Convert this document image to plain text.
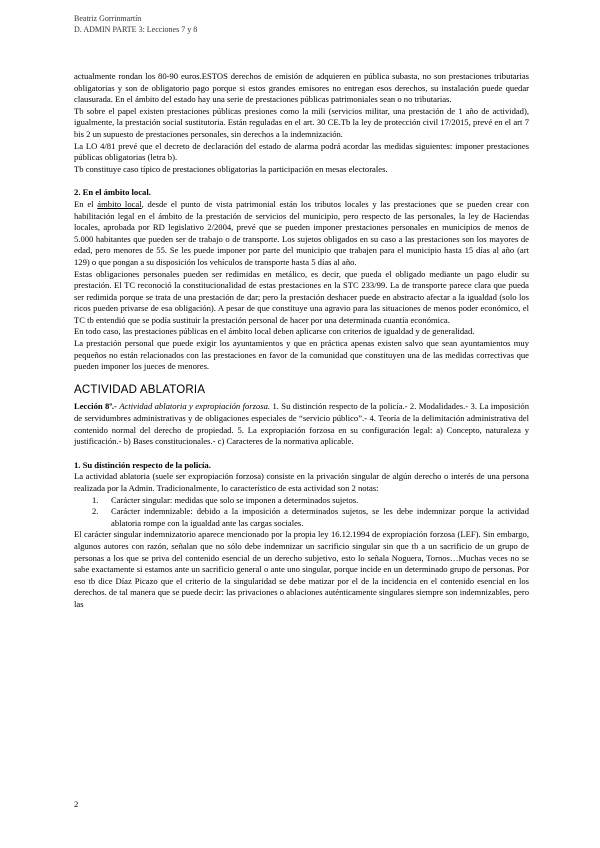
Beatriz Gorrinmartín
D. ADMIN PARTE 3: Lecciones 7 y 8

actualmente rondan los 80-90 euros.ESTOS derechos de emisión de adquieren en pública subasta, no son prestaciones tributarias obligatorias y son de obligatorio pago porque si estos grandes emisores no entregan esos derechos, su instalación puede quedar clausurada. En el ámbito del estado hay una serie de prestaciones públicas patrimoniales sean o no tributarias.

Tb sobre el papel existen prestaciones públicas presiones como la mili (servicios militar, una prestación de 1 año de actividad), igualmente, la prestación social sustitutoria. Están reguladas en el art. 30 CE.Tb la ley de protección civil 17/2015, prevé en el art 7 bis 2 un supuesto de prestaciones personales, sin derechos a la indemnización.

La LO 4/81 prevé que el decreto de declaración del estado de alarma podrá acordar las medidas siguientes: imponer prestaciones públicas obligatorias (letra b).

Tb constituye caso típico de prestaciones obligatorias la participación en mesas electorales.

2. En el ámbito local.

En el ámbito local, desde el punto de vista patrimonial están los tributos locales y las prestaciones que se pueden crear con habilitación legal en el ámbito de la prestación de servicios del municipio, pero respecto de las personales, la ley de Haciendas locales, aprobada por RD legislativo 2/2004, prevé que se pueden imponer prestaciones personales en municipios de menos de 5.000 habitantes que pueden ser de trabajo o de transporte. Los sujetos obligados en su caso a las prestaciones son los mayores de edad, pero menores de 55. Se les puede imponer por parte del municipio que trabajen para el municipio hasta 15 días al año (art 129) o que pongan a su disposición los vehículos de transporte hasta 5 días al año.

Estas obligaciones personales pueden ser redimidas en metálico, es decir, que pueda el obligado mediante un pago eludir su prestación. El TC reconoció la constitucionalidad de estas prestaciones en la STC 233/99. La de transporte parece clara que pueda ser redimida porque se trata de una prestación de dar; pero la prestación deshacer puede en abstracto afectar a la igualdad (solo los ricos pueden privarse de esa obligación). A pesar de que constituye una agravio para las situaciones de menos poder económico, el TC tb entendió que se podía sustituir la prestación personal de hacer por una determinada cuantía económica.

En todo caso, las prestaciones públicas en el ámbito local deben aplicarse con criterios de igualdad y de generalidad.

La prestación personal que puede exigir los ayuntamientos y que en práctica apenas existen salvo que sean ayuntamientos muy pequeños no están relacionados con las prestaciones en favor de la comunidad que constituyen una de las medidas correctivas que pueden imponer los jueces de menores.

ACTIVIDAD ABLATORIA

Lección 8ª.- Actividad ablatoria y expropiación forzosa. 1. Su distinción respecto de la policía.- 2. Modalidades.- 3. La imposición de servidumbres administrativas y de obligaciones especiales de “servicio público”.- 4. Teoría de la delimitación administrativa del contenido normal del derecho de propiedad. 5. La expropiación forzosa en su configuración legal: a) Concepto, naturaleza y justificación.- b) Bases constitucionales.- c) Caracteres de la normativa aplicable.

1. Su distinción respecto de la policía.

La actividad ablatoria (suele ser expropiación forzosa) consiste en la privación singular de algún derecho o interés de una persona realizada por la Admin. Tradicionalmente, lo característico de esta actividad son 2 notas:

1.	Carácter singular: medidas que solo se imponen a determinados sujetos.
2.	Carácter indemnizable: debido a la imposición a determinados sujetos, se les debe indemnizar porque la actividad ablatoria rompe con la igualdad ante las cargas sociales.

El carácter singular indemnizatorio aparece mencionado por la propia ley 16.12.1994 de expropiación forzosa (LEF). Sin embargo, algunos autores con razón, señalan que no sólo debe indemnizar un sacrificio singular sin que tb a un sacrificio de un grupo de personas a los que se priva del contenido esencial de un derecho subjetivo, esto lo señala Noguera, Tornos…Muchas veces no se sabe exactamente si estamos ante un sacrificio general o ante uno singular, porque incide en un determinado grupo de personas. Por eso tb dice Díaz Picazo que el criterio de la singularidad se debe matizar por el de la incidencia en el contenido esencial en los derechos. de tal manera que se puede decir: las privaciones o ablaciones auténticamente singulares siempre son indemnizables, pero las

2
